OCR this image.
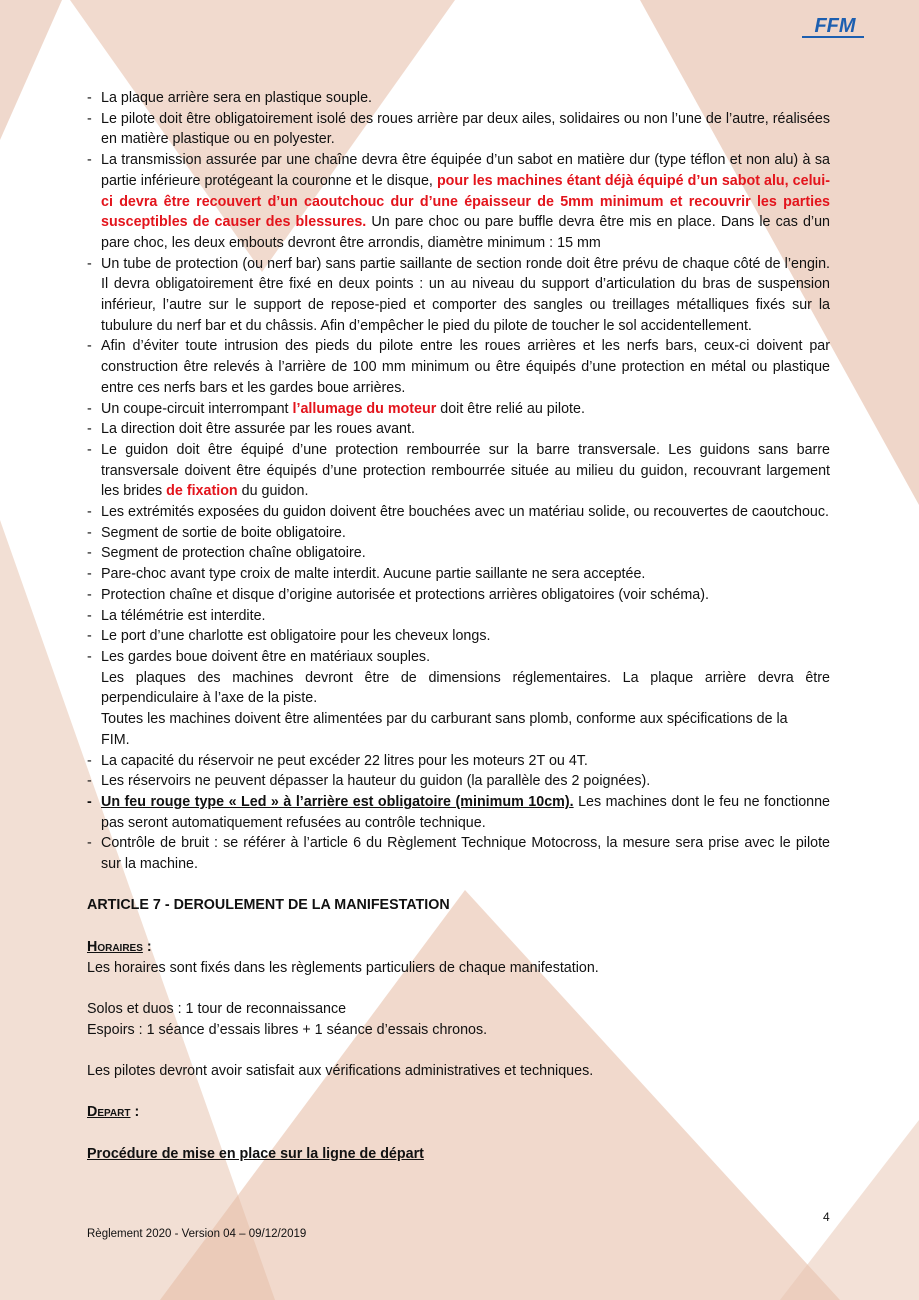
FFM
- La plaque arrière sera en plastique souple.
- Le pilote doit être obligatoirement isolé des roues arrière par deux ailes, solidaires ou non l’une de l’autre, réalisées en matière plastique ou en polyester.
- La transmission assurée par une chaîne devra être équipée d’un sabot en matière dur (type téflon et non alu) à sa partie inférieure protégeant la couronne et le disque, pour les machines étant déjà équipé d’un sabot alu, celui-ci devra être recouvert d’un caoutchouc dur d’une épaisseur de 5mm minimum et recouvrir les parties susceptibles de causer des blessures. Un pare choc ou pare buffle devra être mis en place. Dans le cas d’un pare choc, les deux embouts devront être arrondis, diamètre minimum : 15 mm
- Un tube de protection (ou nerf bar) sans partie saillante de section ronde doit être prévu de chaque côté de l’engin. Il devra obligatoirement être fixé en deux points : un au niveau du support d’articulation du bras de suspension inférieur, l’autre sur le support de repose-pied et comporter des sangles ou treillages métalliques fixés sur la tubulure du nerf bar et du châssis. Afin d’empêcher le pied du pilote de toucher le sol accidentellement.
- Afin d’éviter toute intrusion des pieds du pilote entre les roues arrières et les nerfs bars, ceux-ci doivent par construction être relevés à l’arrière de 100 mm minimum ou être équipés d’une protection en métal ou plastique entre ces nerfs bars et les gardes boue arrières.
- Un coupe-circuit interrompant l’allumage du moteur doit être relié au pilote.
- La direction doit être assurée par les roues avant.
- Le guidon doit être équipé d’une protection rembourrée sur la barre transversale. Les guidons sans barre transversale doivent être équipés d’une protection rembourrée située au milieu du guidon, recouvrant largement les brides de fixation du guidon.
- Les extrémités exposées du guidon doivent être bouchées avec un matériau solide, ou recouvertes de caoutchouc.
- Segment de sortie de boite obligatoire.
- Segment de protection chaîne obligatoire.
- Pare-choc avant type croix de malte interdit. Aucune partie saillante ne sera acceptée.
- Protection chaîne et disque d’origine autorisée et protections arrières obligatoires (voir schéma).
- La télémétrie est interdite.
- Le port d’une charlotte est obligatoire pour les cheveux longs.
- Les gardes boue doivent être en matériaux souples.
Les plaques des machines devront être de dimensions réglementaires. La plaque arrière devra être perpendiculaire à l’axe de la piste.
Toutes les machines doivent être alimentées par du carburant sans plomb, conforme aux spécifications de la FIM.
- La capacité du réservoir ne peut excéder 22 litres pour les moteurs 2T ou 4T.
- Les réservoirs ne peuvent dépasser la hauteur du guidon (la parallèle des 2 poignées).
- Un feu rouge type « Led » à l’arrière est obligatoire (minimum 10cm). Les machines dont le feu ne fonctionne pas seront automatiquement refusées au contrôle technique.
- Contrôle de bruit : se référer à l’article 6 du Règlement Technique Motocross, la mesure sera prise avec le pilote sur la machine.

ARTICLE 7 - DEROULEMENT DE LA MANIFESTATION

Horaires :

Les horaires sont fixés dans les règlements particuliers de chaque manifestation.

Solos et duos : 1 tour de reconnaissance

Espoirs : 1 séance d’essais libres + 1 séance d’essais chronos.

Les pilotes devront avoir satisfait aux vérifications administratives et techniques.

Depart :

Procédure de mise en place sur la ligne de départ

4
Règlement 2020 - Version 04 – 09/12/2019
